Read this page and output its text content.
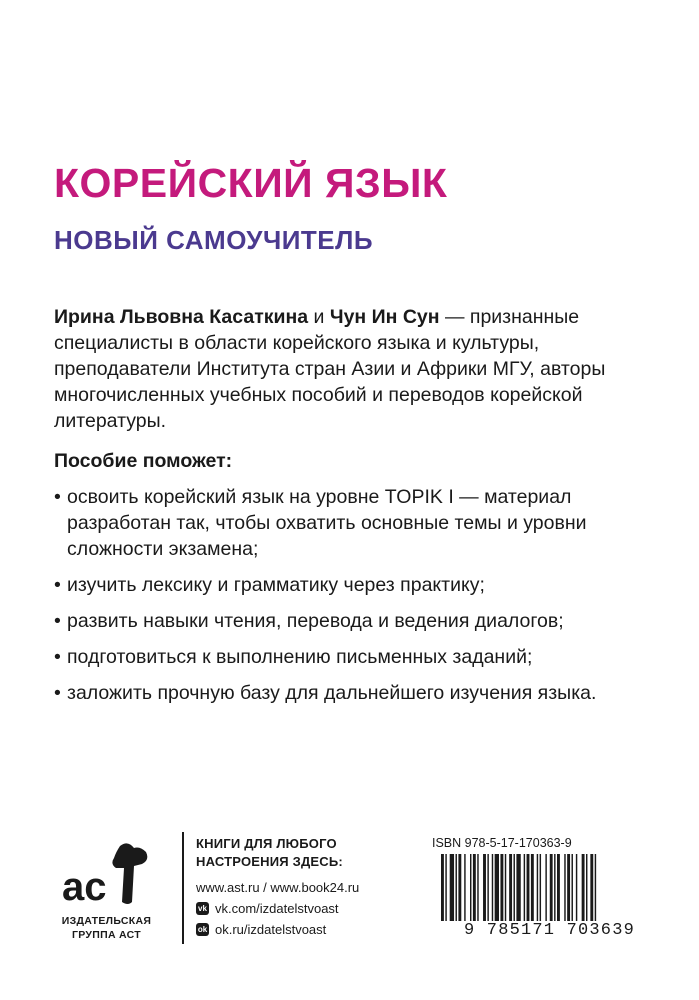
КОРЕЙСКИЙ ЯЗЫК
НОВЫЙ САМОУЧИТЕЛЬ

Ирина Львовна Касаткина и Чун Ин Сун — признанные специалисты в области корейского языка и культуры, преподаватели Института стран Азии и Африки МГУ, авторы многочисленных учебных пособий и переводов корейской литературы.

Пособие поможет:

• освоить корейский язык на уровне TOPIK I — материал разработан так, чтобы охватить основные темы и уровни сложности экзамена;
• изучить лексику и грамматику через практику;
• развить навыки чтения, перевода и ведения диалогов;
• подготовиться к выполнению письменных заданий;
• заложить прочную базу для дальнейшего изучения языка.
ac
ИЗДАТЕЛЬСКАЯ
ГРУППА АСТ

КНИГИ ДЛЯ ЛЮБОГО
НАСТРОЕНИЯ ЗДЕСЬ:

www.ast.ru / www.book24.ru

vk vk.com/izdatelstvoast
ok ok.ru/izdatelstvoast

ISBN 978-5-17-170363-9

9 785171 703639
